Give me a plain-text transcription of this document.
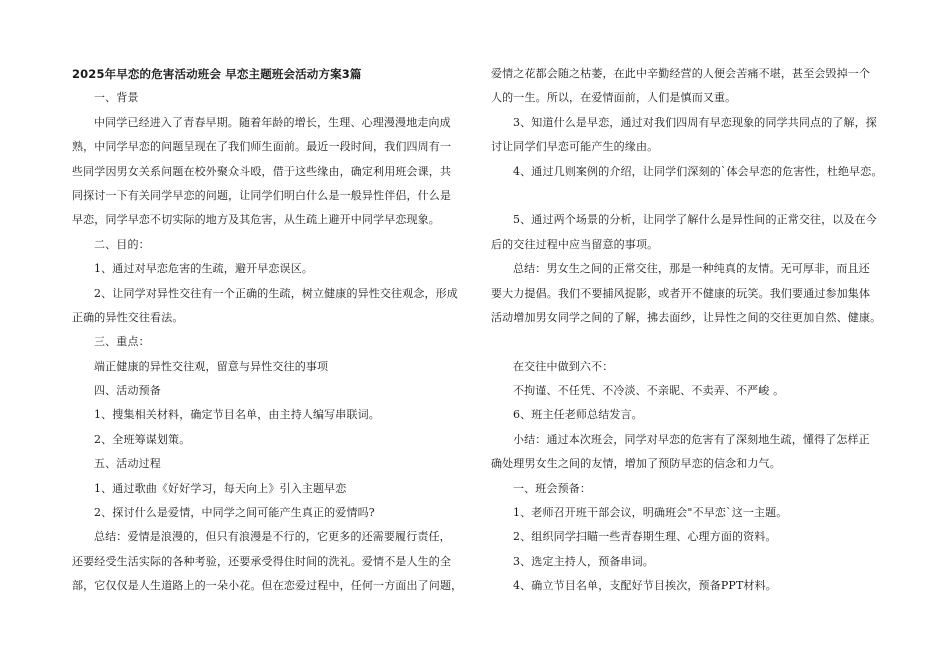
2025年早恋的危害活动班会 早恋主题班会活动方案3篇
一、背景
中同学已经进入了青春早期。随着年龄的增长，生理、心理漫漫地走向成
熟，中同学早恋的问题呈现在了我们师生面前。最近一段时间，我们四周有一
些同学因男女关系问题在校外聚众斗殴，借于这些缘由，确定利用班会课，共
同探讨一下有关同学早恋的问题，让同学们明白什么是一般异性伴侣，什么是
早恋，同学早恋不切实际的地方及其危害，从生疏上避开中同学早恋现象。
二、目的：
1、通过对早恋危害的生疏，避开早恋误区。
2、让同学对异性交往有一个正确的生疏，树立健康的异性交往观念，形成
正确的异性交往看法。
三、重点：
端正健康的异性交往观，留意与异性交往的事项
四、活动预备
1、搜集相关材料，确定节目名单，由主持人编写串联词。
2、全班筹谋划策。
五、活动过程
1、通过歌曲《好好学习，每天向上》引入主题早恋
2、探讨什么是爱情，中同学之间可能产生真正的爱情吗?
总结：爱情是浪漫的，但只有浪漫是不行的，它更多的还需要履行责任，
还要经受生活实际的各种考验，还要承受得住时间的洗礼。爱情不是人生的全
部，它仅仅是人生道路上的一朵小花。但在恋爱过程中，任何一方面出了问题，
爱情之花都会随之枯萎，在此中辛勤经营的人便会苦痛不堪，甚至会毁掉一个
人的一生。所以，在爱情面前，人们是慎而又重。
3、知道什么是早恋，通过对我们四周有早恋现象的同学共同点的了解，探
讨让同学们早恋可能产生的缘由。
4、通过几则案例的介绍，让同学们深刻的`体会早恋的危害性，杜绝早恋。
5、通过两个场景的分析，让同学了解什么是异性间的正常交往，以及在今
后的交往过程中应当留意的事项。
总结：男女生之间的正常交往，那是一种纯真的友情。无可厚非，而且还
要大力提倡。我们不要捕风捉影，或者开不健康的玩笑。我们要通过参加集体
活动增加男女同学之间的了解，拂去面纱，让异性之间的交往更加自然、健康。
在交往中做到六不：
不拘谨、不任凭、不冷淡、不亲昵、不卖弄、不严峻 。
6、班主任老师总结发言。
小结：通过本次班会，同学对早恋的危害有了深刻地生疏，懂得了怎样正
确处理男女生之间的友情，增加了预防早恋的信念和力气。
一、班会预备：
1、老师召开班干部会议，明确班会"不早恋`这一主题。
2、组织同学扫瞄一些青春期生理、心理方面的资料。
3、选定主持人，预备串词。
4、确立节目名单，支配好节目挨次，预备PPT材料。
